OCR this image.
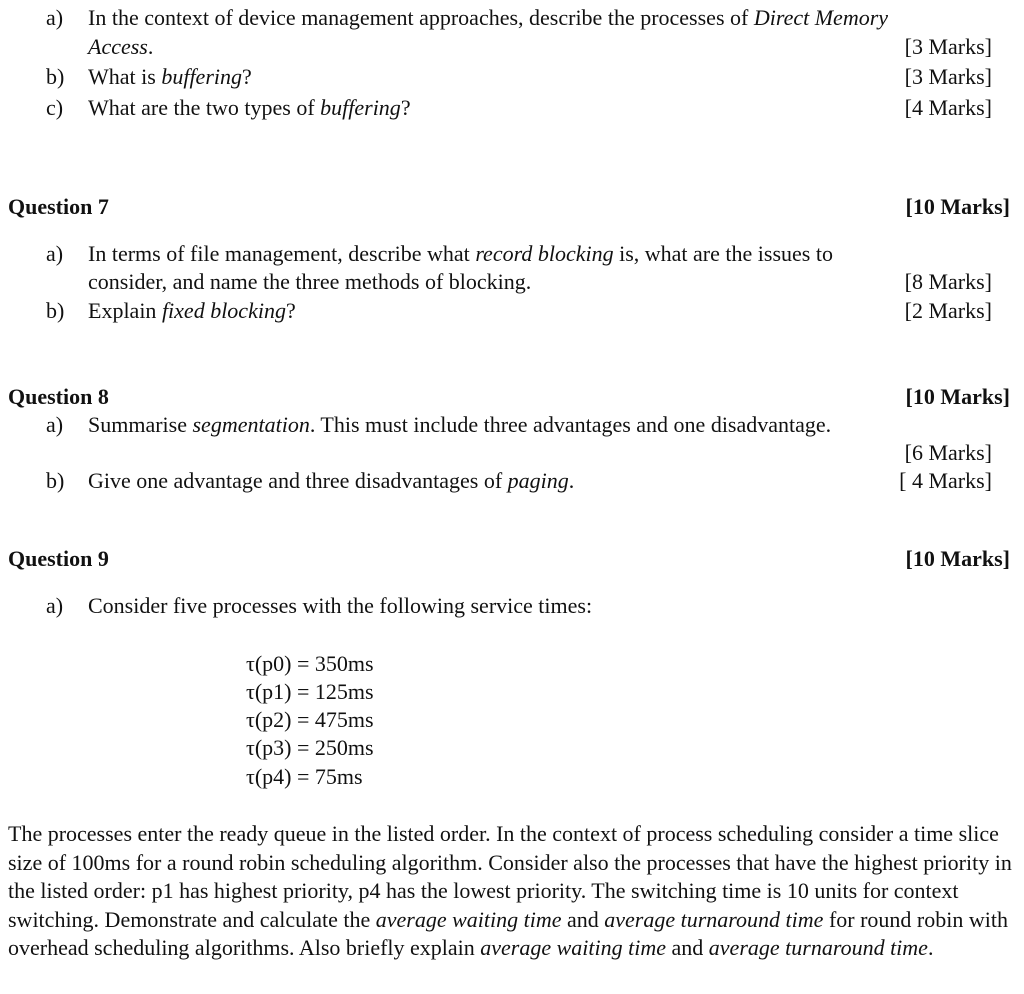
a) In the context of device management approaches, describe the processes of Direct Memory
Access.	[3 Marks]
b) What is buffering?	[3 Marks]
c) What are the two types of buffering?	[4 Marks]
Question 7	[10 Marks]
a) In terms of file management, describe what record blocking is, what are the issues to
consider, and name the three methods of blocking.	[8 Marks]
b) Explain fixed blocking?	[2 Marks]
Question 8	[10 Marks]
a) Summarise segmentation. This must include three advantages and one disadvantage.
[6 Marks]
b) Give one advantage and three disadvantages of paging.	[ 4 Marks]
Question 9	[10 Marks]
a) Consider five processes with the following service times:
τ(p0) = 350ms
τ(p1) = 125ms
τ(p2) = 475ms
τ(p3) = 250ms
τ(p4) = 75ms
The processes enter the ready queue in the listed order. In the context of process scheduling consider a time slice size of 100ms for a round robin scheduling algorithm. Consider also the processes that have the highest priority in the listed order: p1 has highest priority, p4 has the lowest priority. The switching time is 10 units for context switching. Demonstrate and calculate the average waiting time and average turnaround time for round robin with overhead scheduling algorithms. Also briefly explain average waiting time and average turnaround time.
